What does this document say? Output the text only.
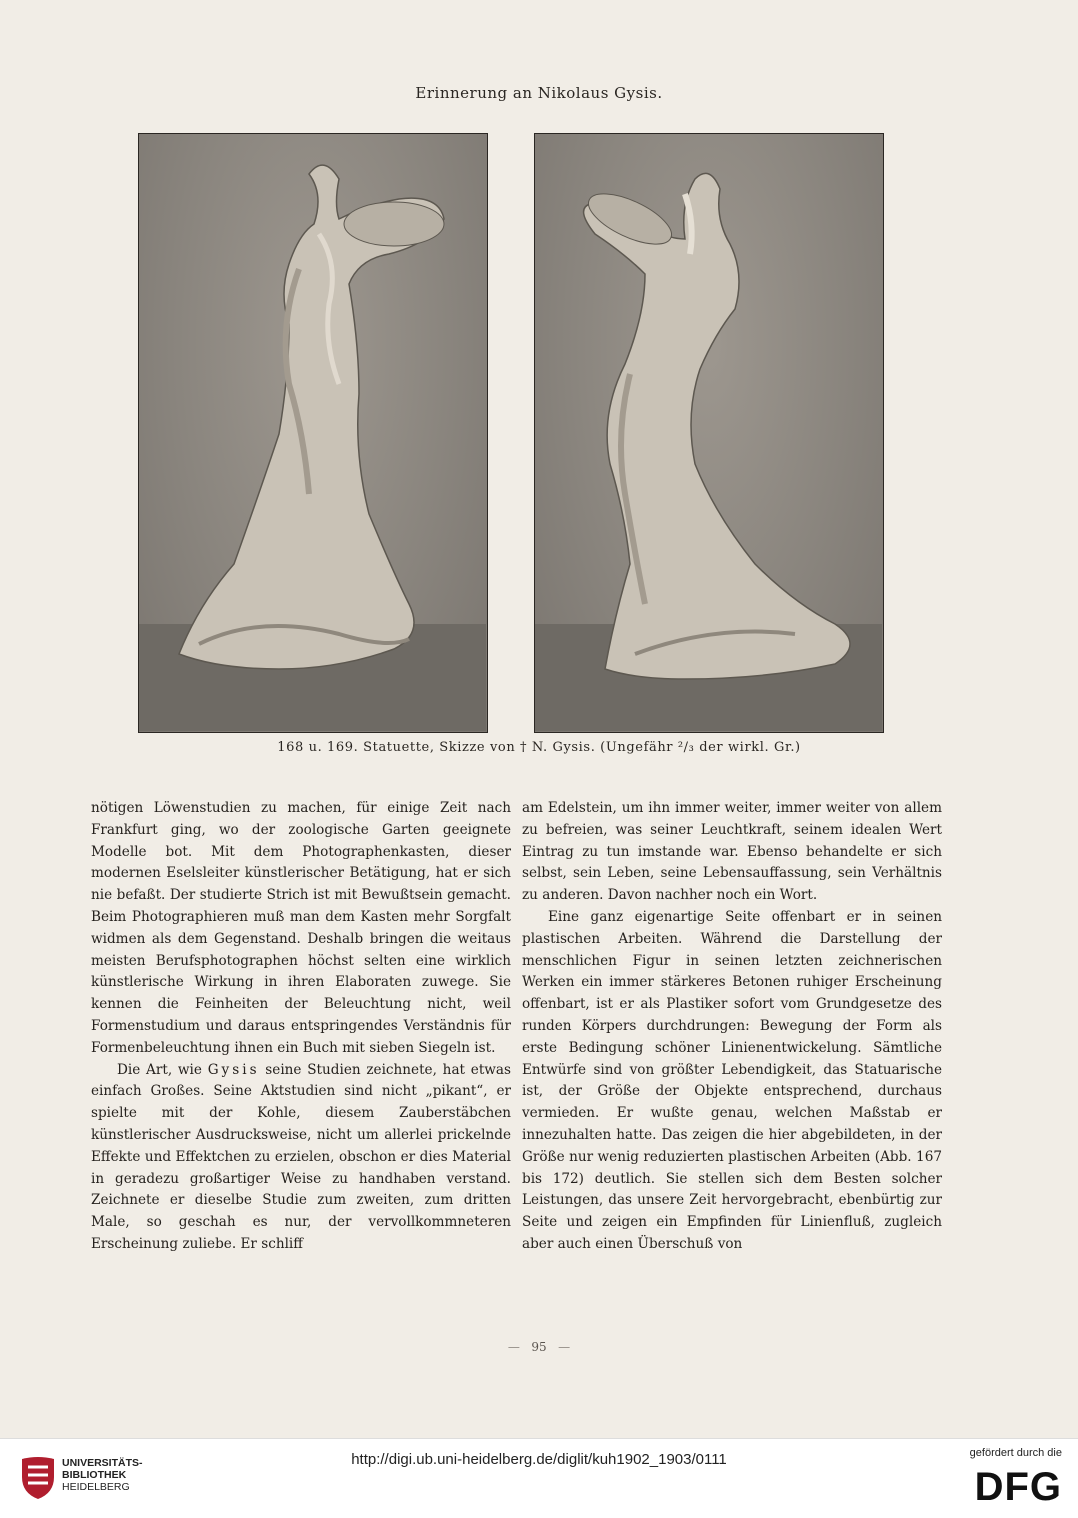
Erinnerung an Nikolaus Gysis.
168 u. 169. Statuette, Skizze von † N. Gysis. (Ungefähr ²/₃ der wirkl. Gr.)

nötigen Löwenstudien zu machen, für einige Zeit nach Frankfurt ging, wo der zoologische Garten geeignete Modelle bot. Mit dem Photographenkasten, dieser modernen Eselsleiter künstlerischer Betätigung, hat er sich nie befaßt. Der studierte Strich ist mit Bewußtsein gemacht. Beim Photographieren muß man dem Kasten mehr Sorgfalt widmen als dem Gegenstand. Deshalb bringen die weitaus meisten Berufsphotographen höchst selten eine wirklich künstlerische Wirkung in ihren Elaboraten zuwege. Sie kennen die Feinheiten der Beleuchtung nicht, weil Formenstudium und daraus entspringendes Verständnis für Formenbeleuchtung ihnen ein Buch mit sieben Siegeln ist.

Die Art, wie Gysis seine Studien zeichnete, hat etwas einfach Großes. Seine Aktstudien sind nicht „pikant“, er spielte mit der Kohle, diesem Zauberstäbchen künstlerischer Ausdrucksweise, nicht um allerlei prickelnde Effekte und Effektchen zu erzielen, obschon er dies Material in geradezu großartiger Weise zu handhaben verstand. Zeichnete er dieselbe Studie zum zweiten, zum dritten Male, so geschah es nur, der vervollkommneteren Erscheinung zuliebe. Er schliff

am Edelstein, um ihn immer weiter, immer weiter von allem zu befreien, was seiner Leuchtkraft, seinem idealen Wert Eintrag zu tun imstande war. Ebenso behandelte er sich selbst, sein Leben, seine Lebensauffassung, sein Verhältnis zu anderen. Davon nachher noch ein Wort.

Eine ganz eigenartige Seite offenbart er in seinen plastischen Arbeiten. Während die Darstellung der menschlichen Figur in seinen letzten zeichnerischen Werken ein immer stärkeres Betonen ruhiger Erscheinung offenbart, ist er als Plastiker sofort vom Grundgesetze des runden Körpers durchdrungen: Bewegung der Form als erste Bedingung schöner Linienentwickelung. Sämtliche Entwürfe sind von größter Lebendigkeit, das Statuarische ist, der Größe der Objekte entsprechend, durchaus vermieden. Er wußte genau, welchen Maßstab er innezuhalten hatte. Das zeigen die hier abgebildeten, in der Größe nur wenig reduzierten plastischen Arbeiten (Abb. 167 bis 172) deutlich. Sie stellen sich dem Besten solcher Leistungen, das unsere Zeit hervorgebracht, ebenbürtig zur Seite und zeigen ein Empfinden für Linienfluß, zugleich aber auch einen Überschuß von

— 95 —
UNIVERSITÄTS-
BIBLIOTHEK
HEIDELBERG
http://digi.ub.uni-heidelberg.de/diglit/kuh1902_1903/0111	gefördert durch die
DFG
